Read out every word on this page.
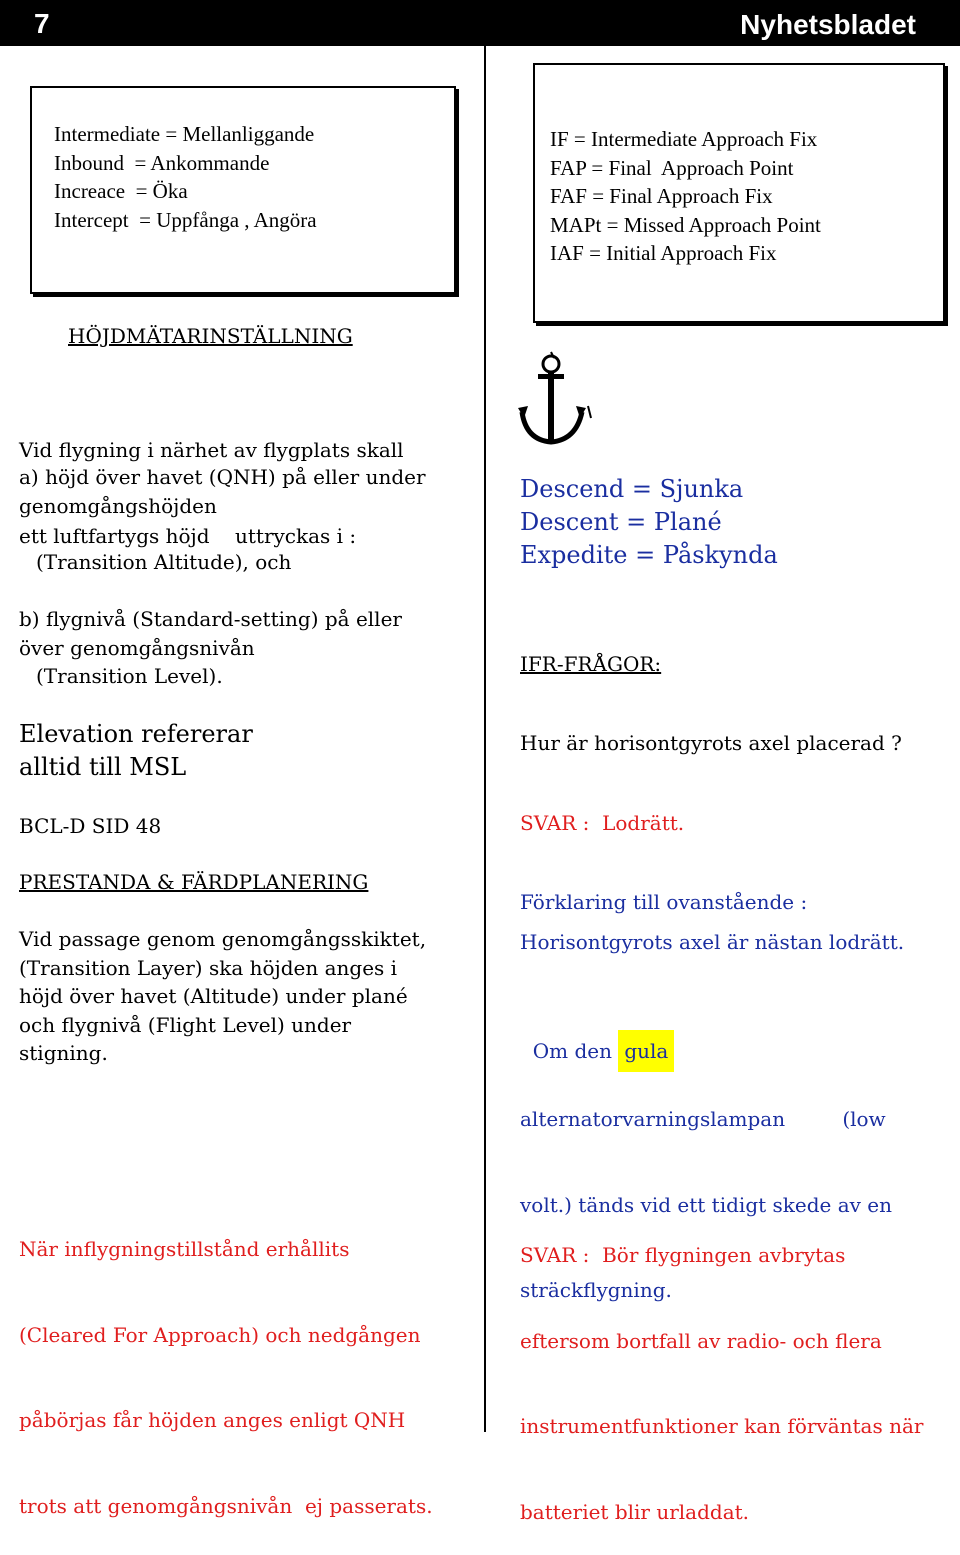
7	Nyhetsbladet
Intermediate = Mellanliggande
Inbound  = Ankommande
Increace  = Öka
Intercept  = Uppfånga , Angöra
IF = Intermediate Approach Fix
FAP = Final  Approach Point
FAF = Final Approach Fix
MAPt = Missed Approach Point
IAF = Initial Approach Fix
HÖJDMÄTARINSTÄLLNING

Vid flygning i närhet av flygplats skall

ett luftfartygs höjd    uttryckas i :

a) höjd över havet (QNH) på eller under
genomgångshöjden
(Transition Altitude), och
b) flygnivå (Standard-setting) på eller
över genomgångsnivån
(Transition Level).
Elevation refererar
alltid till MSL
BCL-D SID 48
PRESTANDA & FÄRDPLANERING
Vid passage genom genomgångsskiktet,
(Transition Layer) ska höjden anges i
höjd över havet (Altitude) under plané
och flygnivå (Flight Level) under
stigning.

När inflygningstillstånd erhållits

(Cleared For Approach) och nedgången

påbörjas får höjden anges enligt QNH

trots att genomgångsnivån  ej passerats.

Descend = Sjunka
Descent = Plané
Expedite = Påskynda
IFR-FRÅGOR:
Hur är horisontgyrots axel placerad ?
SVAR :  Lodrätt.
Förklaring till ovanstående :
Horisontgyrots axel är nästan lodrätt.

Om den gula

alternatorvarningslampan         (low

volt.) tänds vid ett tidigt skede av en

sträckflygning.

SVAR :  Bör flygningen avbrytas

eftersom bortfall av radio- och flera

instrumentfunktioner kan förväntas när

batteriet blir urladdat.
